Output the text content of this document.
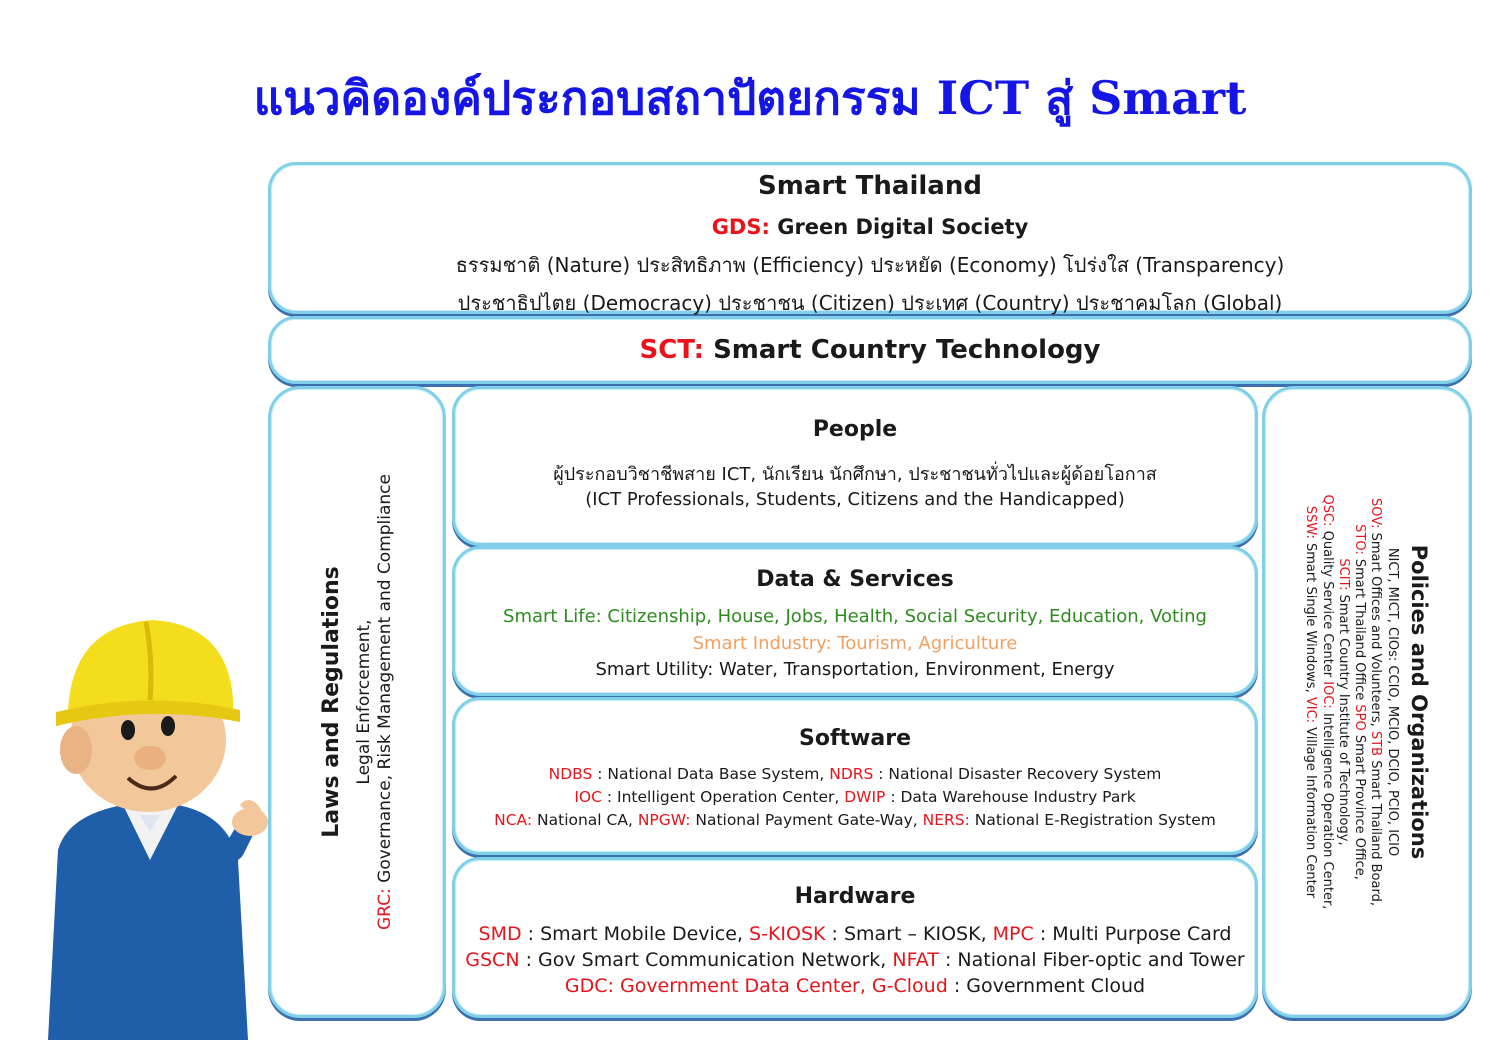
แนวคิดองค์ประกอบสถาปัตยกรรม ICT สู่ Smart
Smart Thailand
GDS: Green Digital Society
ธรรมชาติ (Nature) ประสิทธิภาพ (Efficiency) ประหยัด (Economy) โปร่งใส (Transparency)
ประชาธิปไตย (Democracy) ประชาชน (Citizen) ประเทศ (Country) ประชาคมโลก (Global)
SCT: Smart Country Technology
Laws and Regulations Legal Enforcement,
GRC: Governance, Risk Management and Compliance	Policies and Organizations
NICT, MICT, CIOs: CCIO, MCIO, DCIO, PCIO, ICIO
SOV: Smart Offices and Volunteers, STB Smart Thailand Board,
STO: Smart Thailand Office SPO Smart Province Office,
SCIT: Smart Country Institute of Technology,
QSC: Quality Service Center IOC: Intelligence Operation Center,
SSW: Smart Single Windows, VIC: Village Information Center
People
ผู้ประกอบวิชาชีพสาย ICT, นักเรียน นักศึกษา, ประชาชนทั่วไปและผู้ด้อยโอกาส
(ICT Professionals, Students, Citizens and the Handicapped)
Data & Services
Smart Life: Citizenship, House, Jobs, Health, Social Security, Education, Voting
Smart Industry: Tourism, Agriculture
Smart Utility: Water, Transportation, Environment, Energy
Software
NDBS : National Data Base System, NDRS : National Disaster Recovery System
IOC : Intelligent Operation Center, DWIP : Data Warehouse Industry Park
NCA: National CA, NPGW: National Payment Gate-Way, NERS: National E-Registration System
Hardware
SMD : Smart Mobile Device, S-KIOSK : Smart – KIOSK, MPC : Multi Purpose Card
GSCN : Gov Smart Communication Network, NFAT : National Fiber-optic and Tower
GDC: Government Data Center, G-Cloud : Government Cloud
